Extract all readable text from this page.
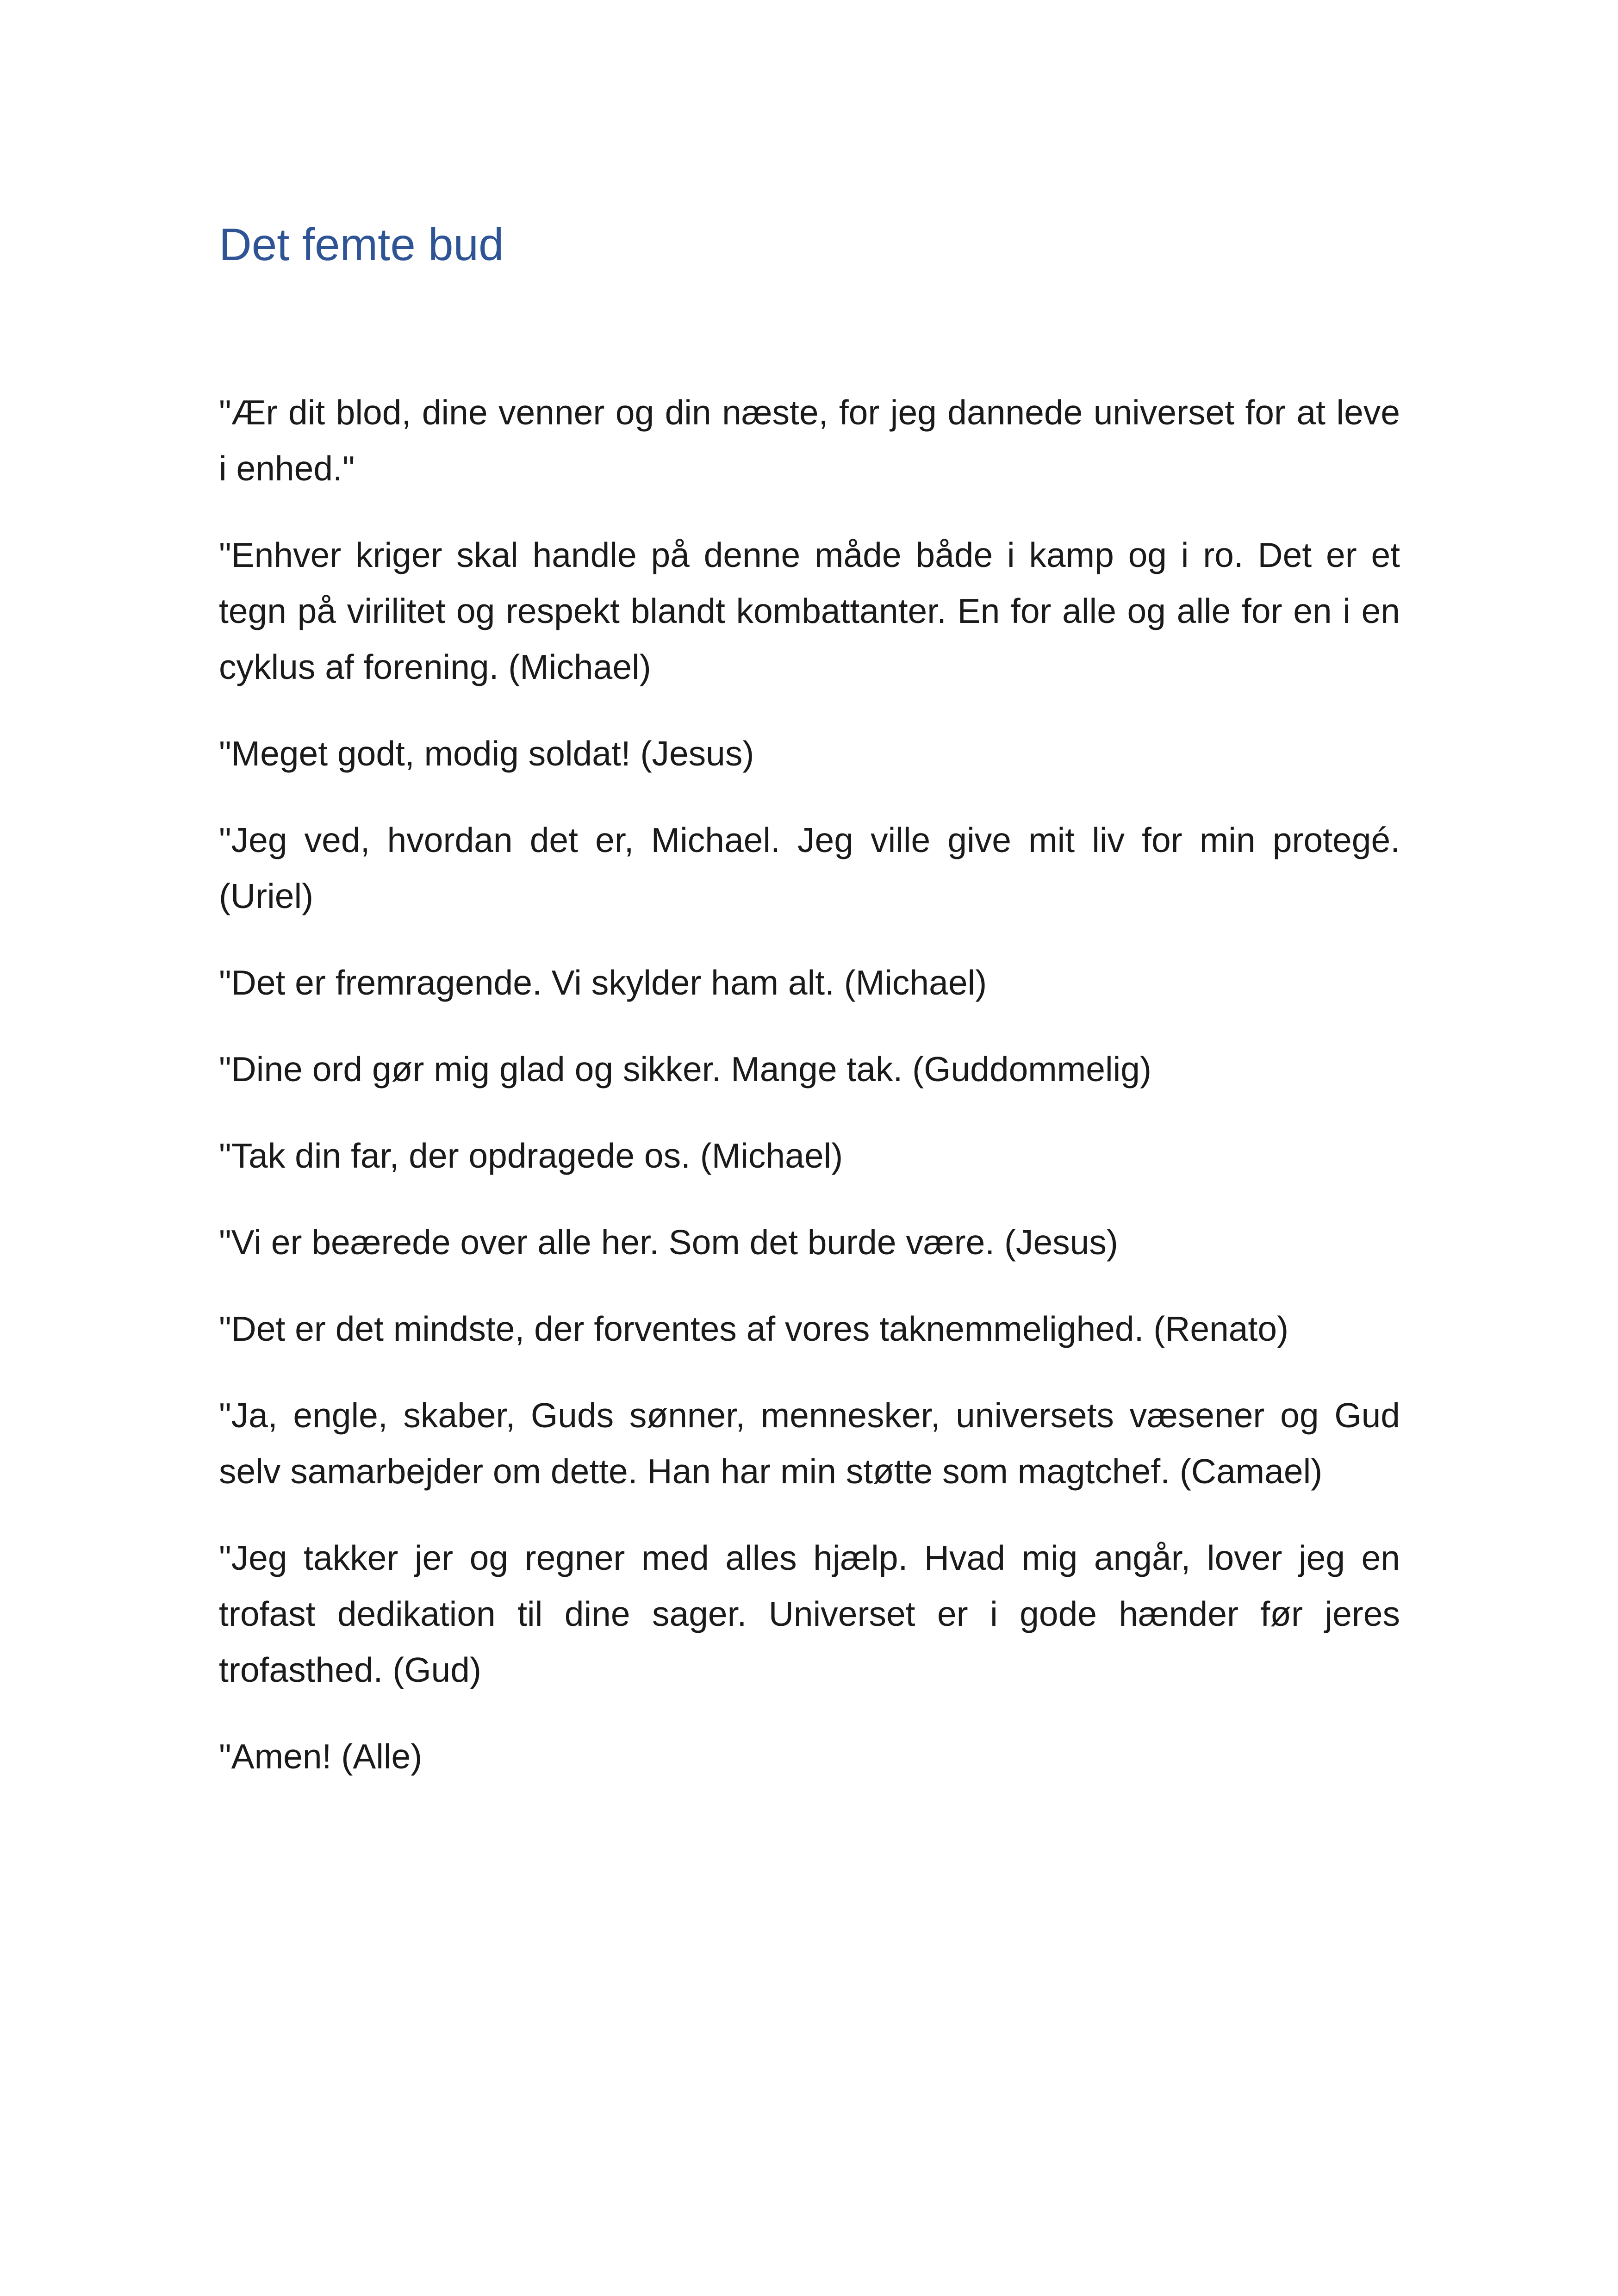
Det femte bud

"Ær dit blod, dine venner og din næste, for jeg dannede universet for at leve i enhed."

"Enhver kriger skal handle på denne måde både i kamp og i ro. Det er et tegn på virilitet og respekt blandt kombattanter. En for alle og alle for en i en cyklus af forening. (Michael)

"Meget godt, modig soldat! (Jesus)

"Jeg ved, hvordan det er, Michael. Jeg ville give mit liv for min protegé. (Uriel)

"Det er fremragende. Vi skylder ham alt. (Michael)

"Dine ord gør mig glad og sikker. Mange tak. (Guddommelig)

"Tak din far, der opdragede os. (Michael)

"Vi er beærede over alle her. Som det burde være. (Jesus)

"Det er det mindste, der forventes af vores taknemmelighed. (Renato)

"Ja, engle, skaber, Guds sønner, mennesker, universets væsener og Gud selv samarbejder om dette. Han har min støtte som magtchef. (Camael)

"Jeg takker jer og regner med alles hjælp. Hvad mig angår, lover jeg en trofast dedikation til dine sager. Universet er i gode hænder før jeres trofasthed. (Gud)

"Amen! (Alle)
